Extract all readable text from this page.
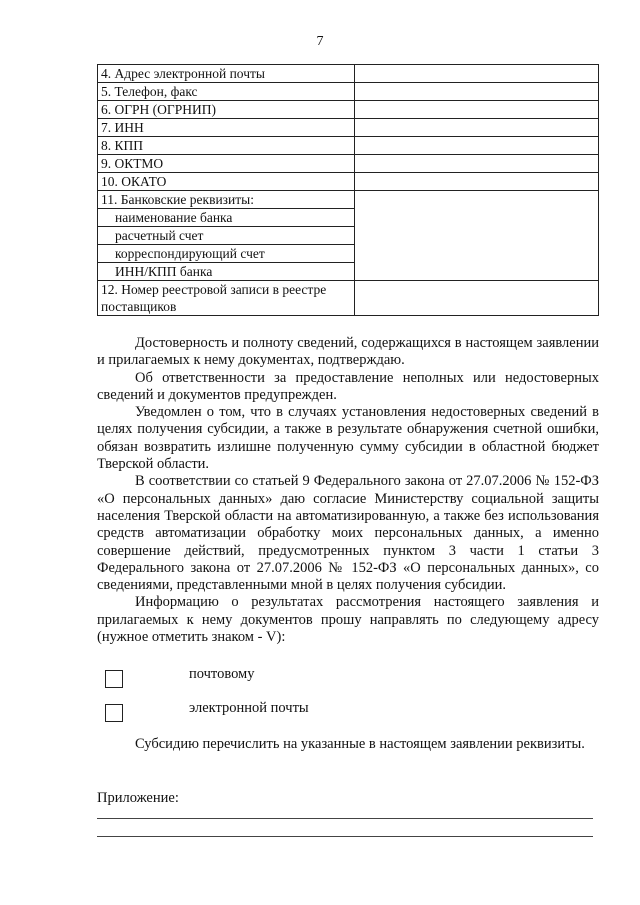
7
4. Адрес электронной почты	
5. Телефон, факс	
6. ОГРН (ОГРНИП)	
7. ИНН	
8. КПП	
9. ОКТМО	
10. ОКАТО	
11. Банковские реквизиты:	
наименование банка	
расчетный счет	
корреспондирующий счет	
ИНН/КПП банка	
12. Номер реестровой записи в реестре поставщиков	

Достоверность и полноту сведений, содержащихся в настоящем заявлении и прилагаемых к нему документах, подтверждаю.

Об ответственности за предоставление неполных или недостоверных сведений и документов предупрежден.

Уведомлен о том, что в случаях установления недостоверных сведений в целях получения субсидии, а также в результате обнаружения счетной ошибки, обязан возвратить излишне полученную сумму субсидии в областной бюджет Тверской области.

В соответствии со статьей 9 Федерального закона от 27.07.2006 № 152-ФЗ «О персональных данных» даю согласие Министерству социальной защиты населения Тверской области на автоматизированную, а также без использования средств автоматизации обработку моих персональных данных, а именно совершение действий, предусмотренных пунктом 3 части 1 статьи 3 Федерального закона от 27.07.2006 № 152-ФЗ «О персональных данных», со сведениями, представленными мной в целях получения субсидии.

Информацию о результатах рассмотрения настоящего заявления и прилагаемых к нему документов прошу направлять по следующему адресу (нужное отметить знаком - V):

почтовому
электронной почты

Субсидию перечислить на указанные в настоящем заявлении реквизиты.

Приложение:
